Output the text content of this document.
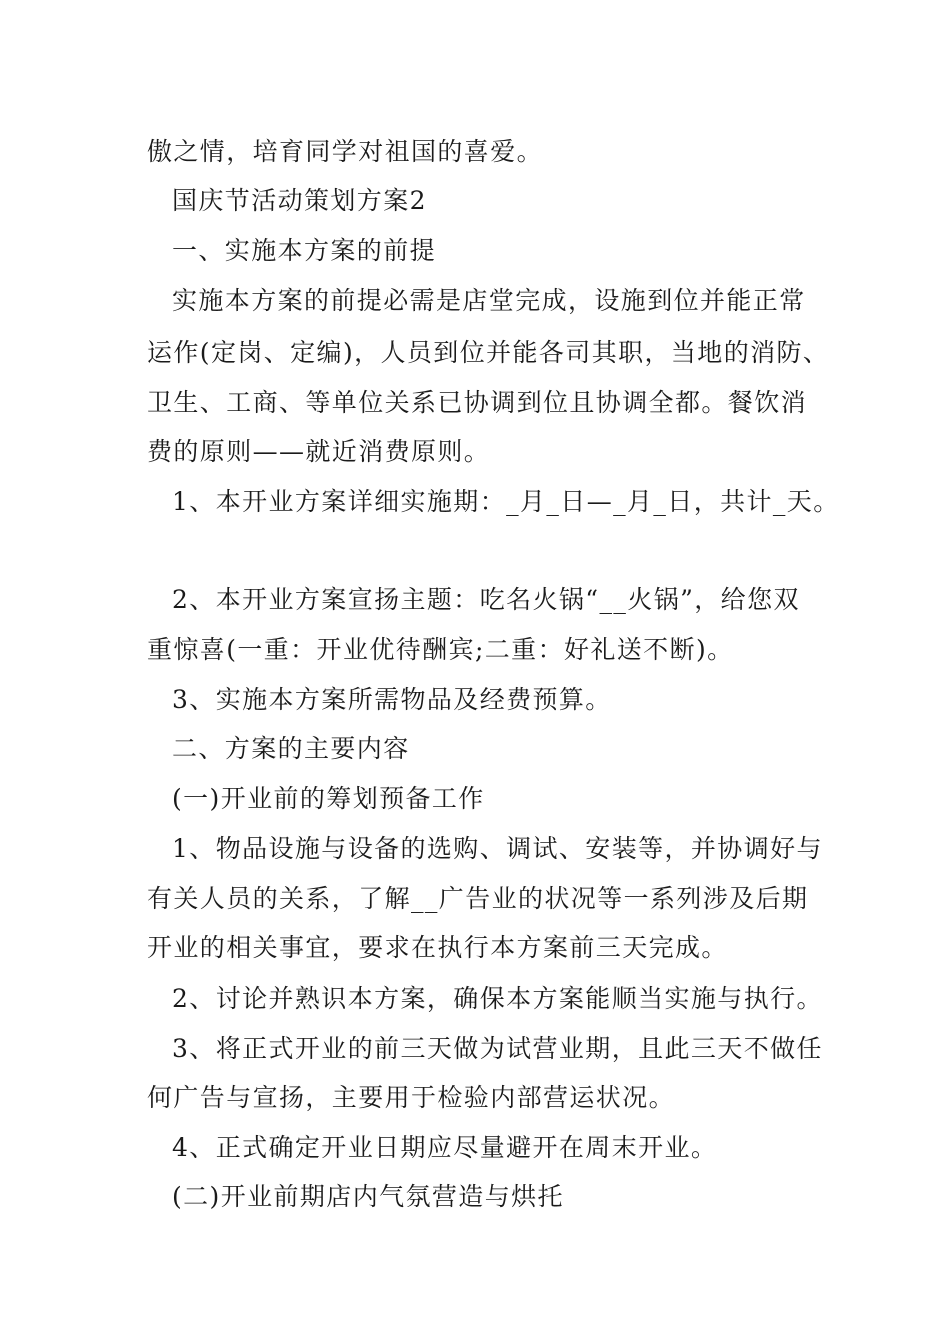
傲之情，培育同学对祖国的喜爱。
国庆节活动策划方案2
一、实施本方案的前提
实施本方案的前提必需是店堂完成，设施到位并能正常
运作(定岗、定编)，人员到位并能各司其职，当地的消防、
卫生、工商、等单位关系已协调到位且协调全都。餐饮消
费的原则——就近消费原则。
1、本开业方案详细实施期：_月_日—_月_日，共计_天。
2、本开业方案宣扬主题：吃名火锅“__火锅”，给您双
重惊喜(一重：开业优待酬宾;二重：好礼送不断)。
3、实施本方案所需物品及经费预算。
二、方案的主要内容
(一)开业前的筹划预备工作
1、物品设施与设备的选购、调试、安装等，并协调好与
有关人员的关系，了解__广告业的状况等一系列涉及后期
开业的相关事宜，要求在执行本方案前三天完成。
2、讨论并熟识本方案，确保本方案能顺当实施与执行。
3、将正式开业的前三天做为试营业期，且此三天不做任
何广告与宣扬，主要用于检验内部营运状况。
4、正式确定开业日期应尽量避开在周末开业。
(二)开业前期店内气氛营造与烘托
